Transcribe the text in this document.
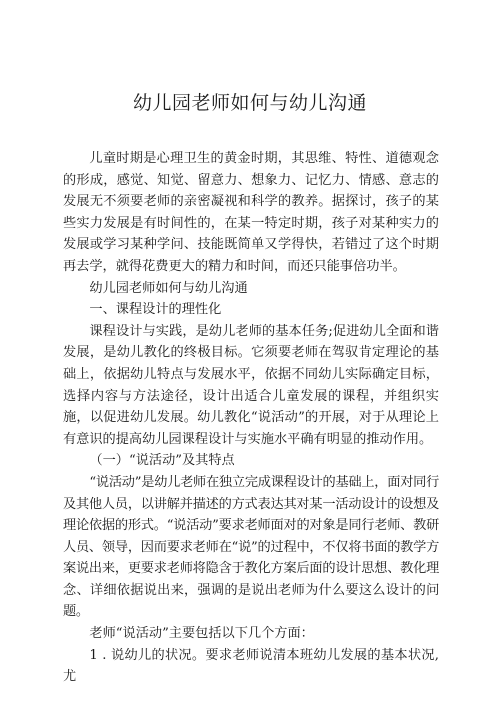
幼儿园老师如何与幼儿沟通

儿童时期是心理卫生的黄金时期，其思维、特性、道德观念的形成，感觉、知觉、留意力、想象力、记忆力、情感、意志的发展无不须要老师的亲密凝视和科学的教养。据探讨，孩子的某些实力发展是有时间性的，在某一特定时期，孩子对某种实力的发展或学习某种学问、技能既简单又学得快，若错过了这个时期再去学，就得花费更大的精力和时间，而还只能事倍功半。

幼儿园老师如何与幼儿沟通

一、课程设计的理性化

课程设计与实践，是幼儿老师的基本任务;促进幼儿全面和谐发展，是幼儿教化的终极目标。它须要老师在驾驭肯定理论的基础上，依据幼儿特点与发展水平，依据不同幼儿实际确定目标，选择内容与方法途径，设计出适合儿童发展的课程，并组织实施，以促进幼儿发展。幼儿教化“说活动”的开展，对于从理论上有意识的提高幼儿园课程设计与实施水平确有明显的推动作用。

（一）“说活动”及其特点

“说活动”是幼儿老师在独立完成课程设计的基础上，面对同行及其他人员，以讲解并描述的方式表达其对某一活动设计的设想及理论依据的形式。“说活动”要求老师面对的对象是同行老师、教研人员、领导，因而要求老师在“说”的过程中，不仅将书面的教学方案说出来，更要求老师将隐含于教化方案后面的设计思想、教化理念、详细依据说出来，强调的是说出老师为什么要这么设计的问题。

老师“说活动”主要包括以下几个方面：

1 . 说幼儿的状况。要求老师说清本班幼儿发展的基本状况, 尤
